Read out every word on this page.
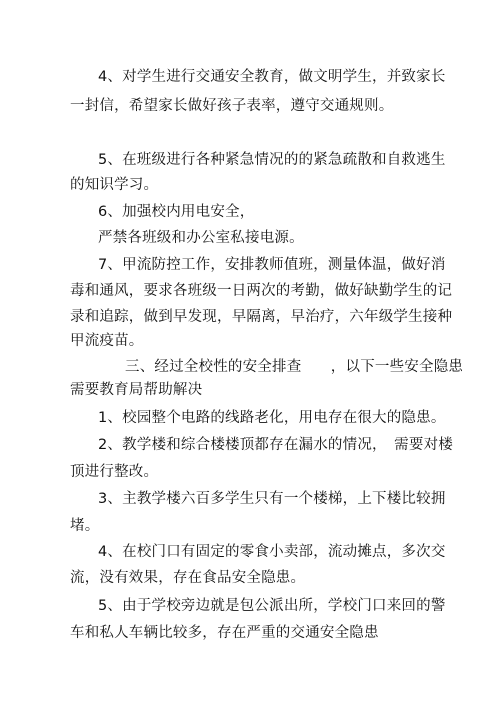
4、对学生进行交通安全教育，做文明学生，并致家长
一封信，希望家长做好孩子表率，遵守交通规则。
5、在班级进行各种紧急情况的的紧急疏散和自救逃生
的知识学习。
6、加强校内用电安全，
严禁各班级和办公室私接电源。
7、甲流防控工作，安排教师值班，测量体温，做好消
毒和通风，要求各班级一日两次的考勤，做好缺勤学生的记
录和追踪，做到早发现，早隔离，早治疗，六年级学生接种
甲流疫苗。
三、经过全校性的安全排查　　，以下一些安全隐患
需要教育局帮助解决
1、校园整个电路的线路老化，用电存在很大的隐患。
2、教学楼和综合楼楼顶都存在漏水的情况，　需要对楼
顶进行整改。
3、主教学楼六百多学生只有一个楼梯，上下楼比较拥
堵。
4、在校门口有固定的零食小卖部，流动摊点，多次交
流，没有效果，存在食品安全隐患。
5、由于学校旁边就是包公派出所，学校门口来回的警
车和私人车辆比较多，存在严重的交通安全隐患
